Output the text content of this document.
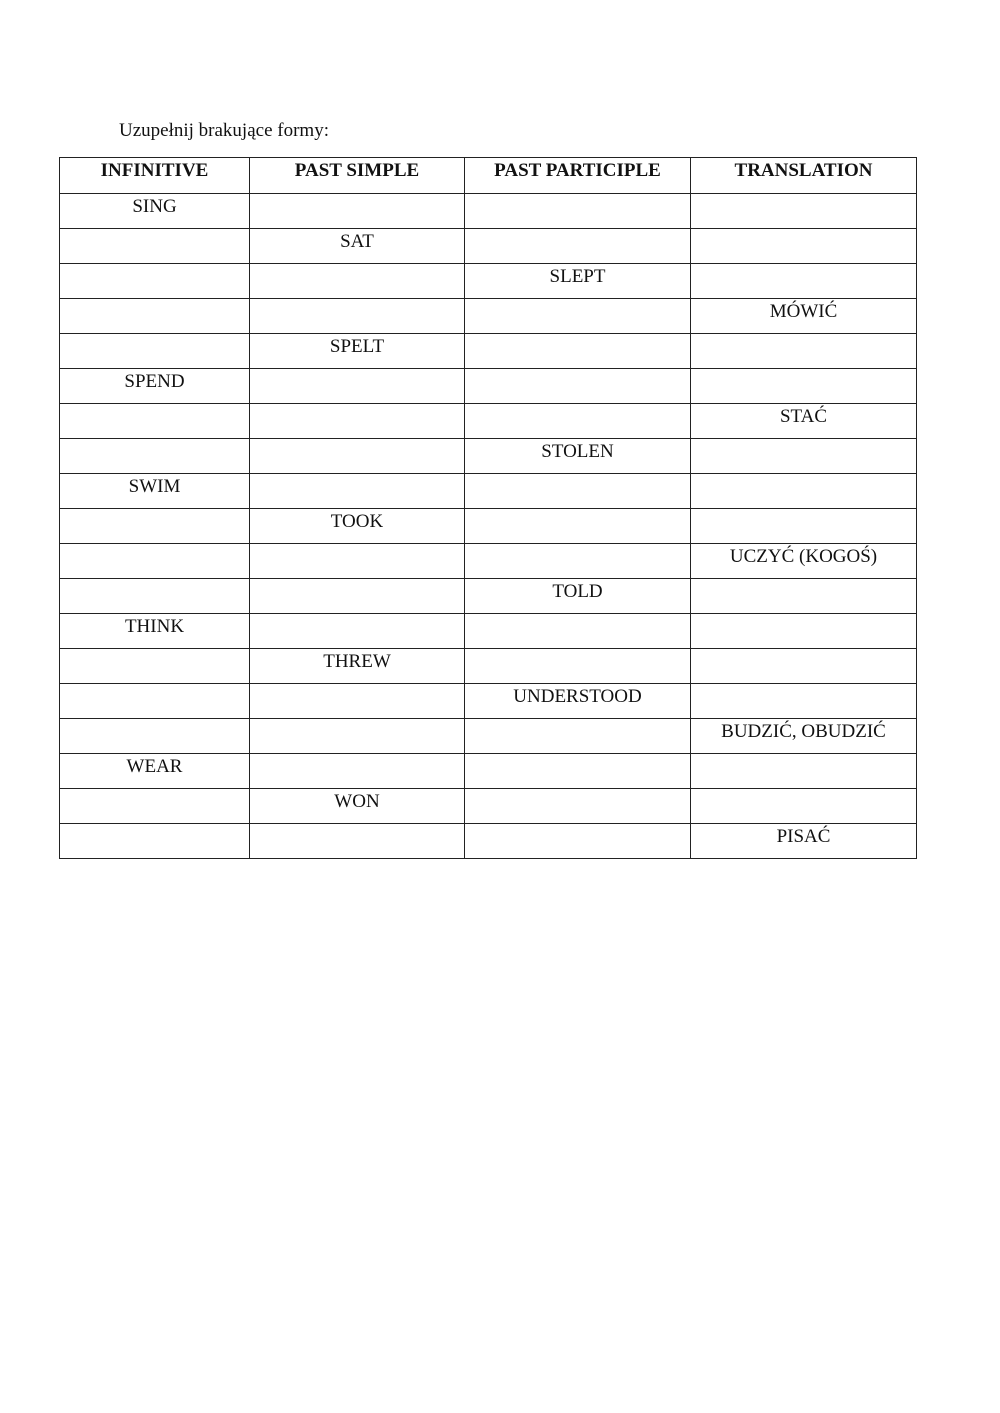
Uzupełnij brakujące formy:

INFINITIVE	PAST SIMPLE	PAST PARTICIPLE	TRANSLATION
SING			
	SAT		
		SLEPT	
			MÓWIĆ
	SPELT		
SPEND			
			STAĆ
		STOLEN	
SWIM			
	TOOK		
			UCZYĆ (KOGOŚ)
		TOLD	
THINK			
	THREW		
		UNDERSTOOD	
			BUDZIĆ, OBUDZIĆ
WEAR			
	WON		
			PISAĆ
